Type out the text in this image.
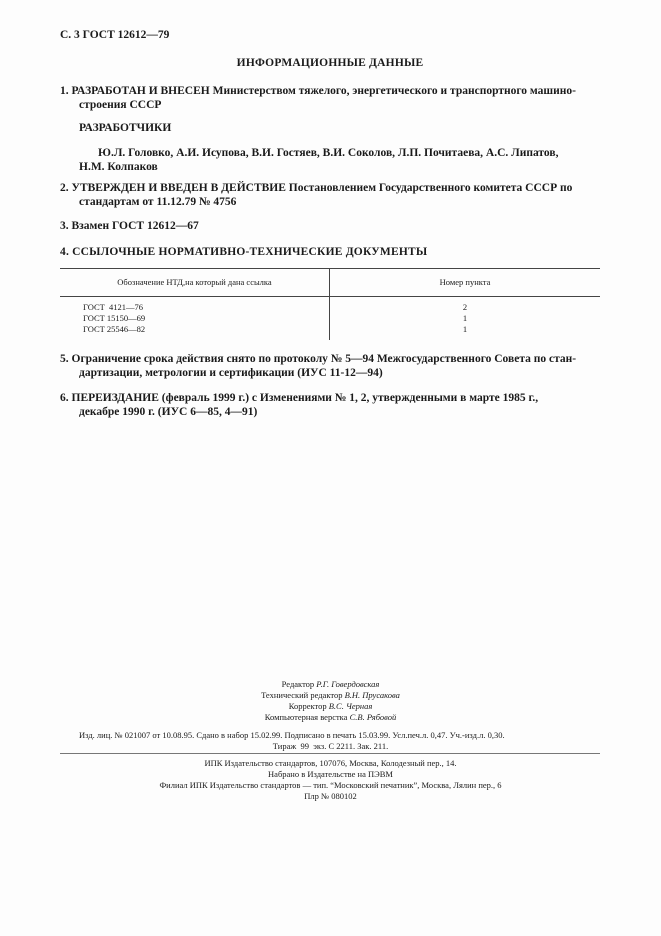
С. 3 ГОСТ 12612—79
ИНФОРМАЦИОННЫЕ ДАННЫЕ
1. РАЗРАБОТАН И ВНЕСЕН Министерством тяжелого, энергетического и транспортного машино-
строения СССР
РАЗРАБОТЧИКИ
Ю.Л. Головко, А.И. Исупова, В.И. Гостяев, В.И. Соколов, Л.П. Почитаева, А.С. Липатов,
Н.М. Колпаков
2. УТВЕРЖДЕН И ВВЕДЕН В ДЕЙСТВИЕ Постановлением Государственного комитета СССР по
стандартам от 11.12.79 № 4756
3. Взамен ГОСТ 12612—67
4. ССЫЛОЧНЫЕ НОРМАТИВНО-ТЕХНИЧЕСКИЕ ДОКУМЕНТЫ
Обозначение НТД,на который дана ссылка	Номер пункта
ГОСТ  4121—76	2
ГОСТ 15150—69	1
ГОСТ 25546—82	1
5. Ограничение срока действия снято по протоколу № 5—94 Межгосударственного Совета по стан-
дартизации, метрологии и сертификации (ИУС 11-12—94)
6. ПЕРЕИЗДАНИЕ (февраль 1999 г.) с Изменениями № 1, 2, утвержденными в марте 1985 г.,
декабре 1990 г. (ИУС 6—85, 4—91)
Редактор Р.Г. Говердовская
Технический редактор В.Н. Прусакова
Корректор В.С. Черная
Компьютерная верстка С.В. Рябовой
Изд. лиц. № 021007 от 10.08.95. Сдано в набор 15.02.99. Подписано в печать 15.03.99. Усл.печ.л. 0,47. Уч.-изд.л. 0,30.
Тираж  99  экз. С 2211. Зак. 211.
ИПК Издательство стандартов, 107076, Москва, Колодезный пер., 14.
Набрано в Издательстве на ПЭВМ
Филиал ИПК Издательство стандартов — тип. “Московский печатник”, Москва, Лялин пер., 6
Плр № 080102
